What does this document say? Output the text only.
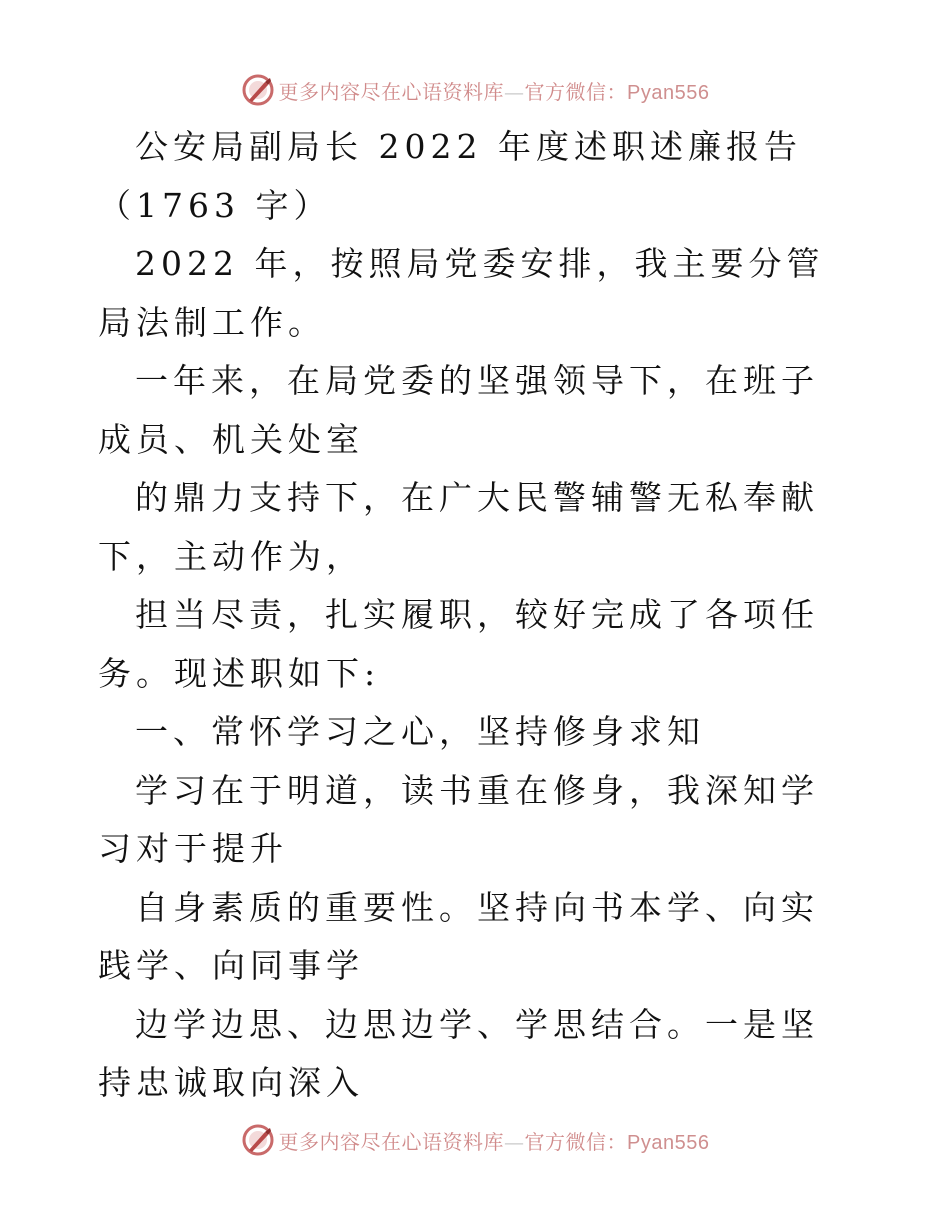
更多内容尽在心语资料库—官方微信：Pyan556

公安局副局长 2022 年度述职述廉报告（1763 字）

2022 年，按照局党委安排，我主要分管局法制工作。

一年来，在局党委的坚强领导下，在班子成员、机关处室

的鼎力支持下，在广大民警辅警无私奉献下，主动作为，

担当尽责，扎实履职，较好完成了各项任务。现述职如下:

一、常怀学习之心，坚持修身求知

学习在于明道，读书重在修身，我深知学习对于提升

自身素质的重要性。坚持向书本学、向实践学、向同事学

边学边思、边思边学、学思结合。一是坚持忠诚取向深入

更多内容尽在心语资料库—官方微信：Pyan556
